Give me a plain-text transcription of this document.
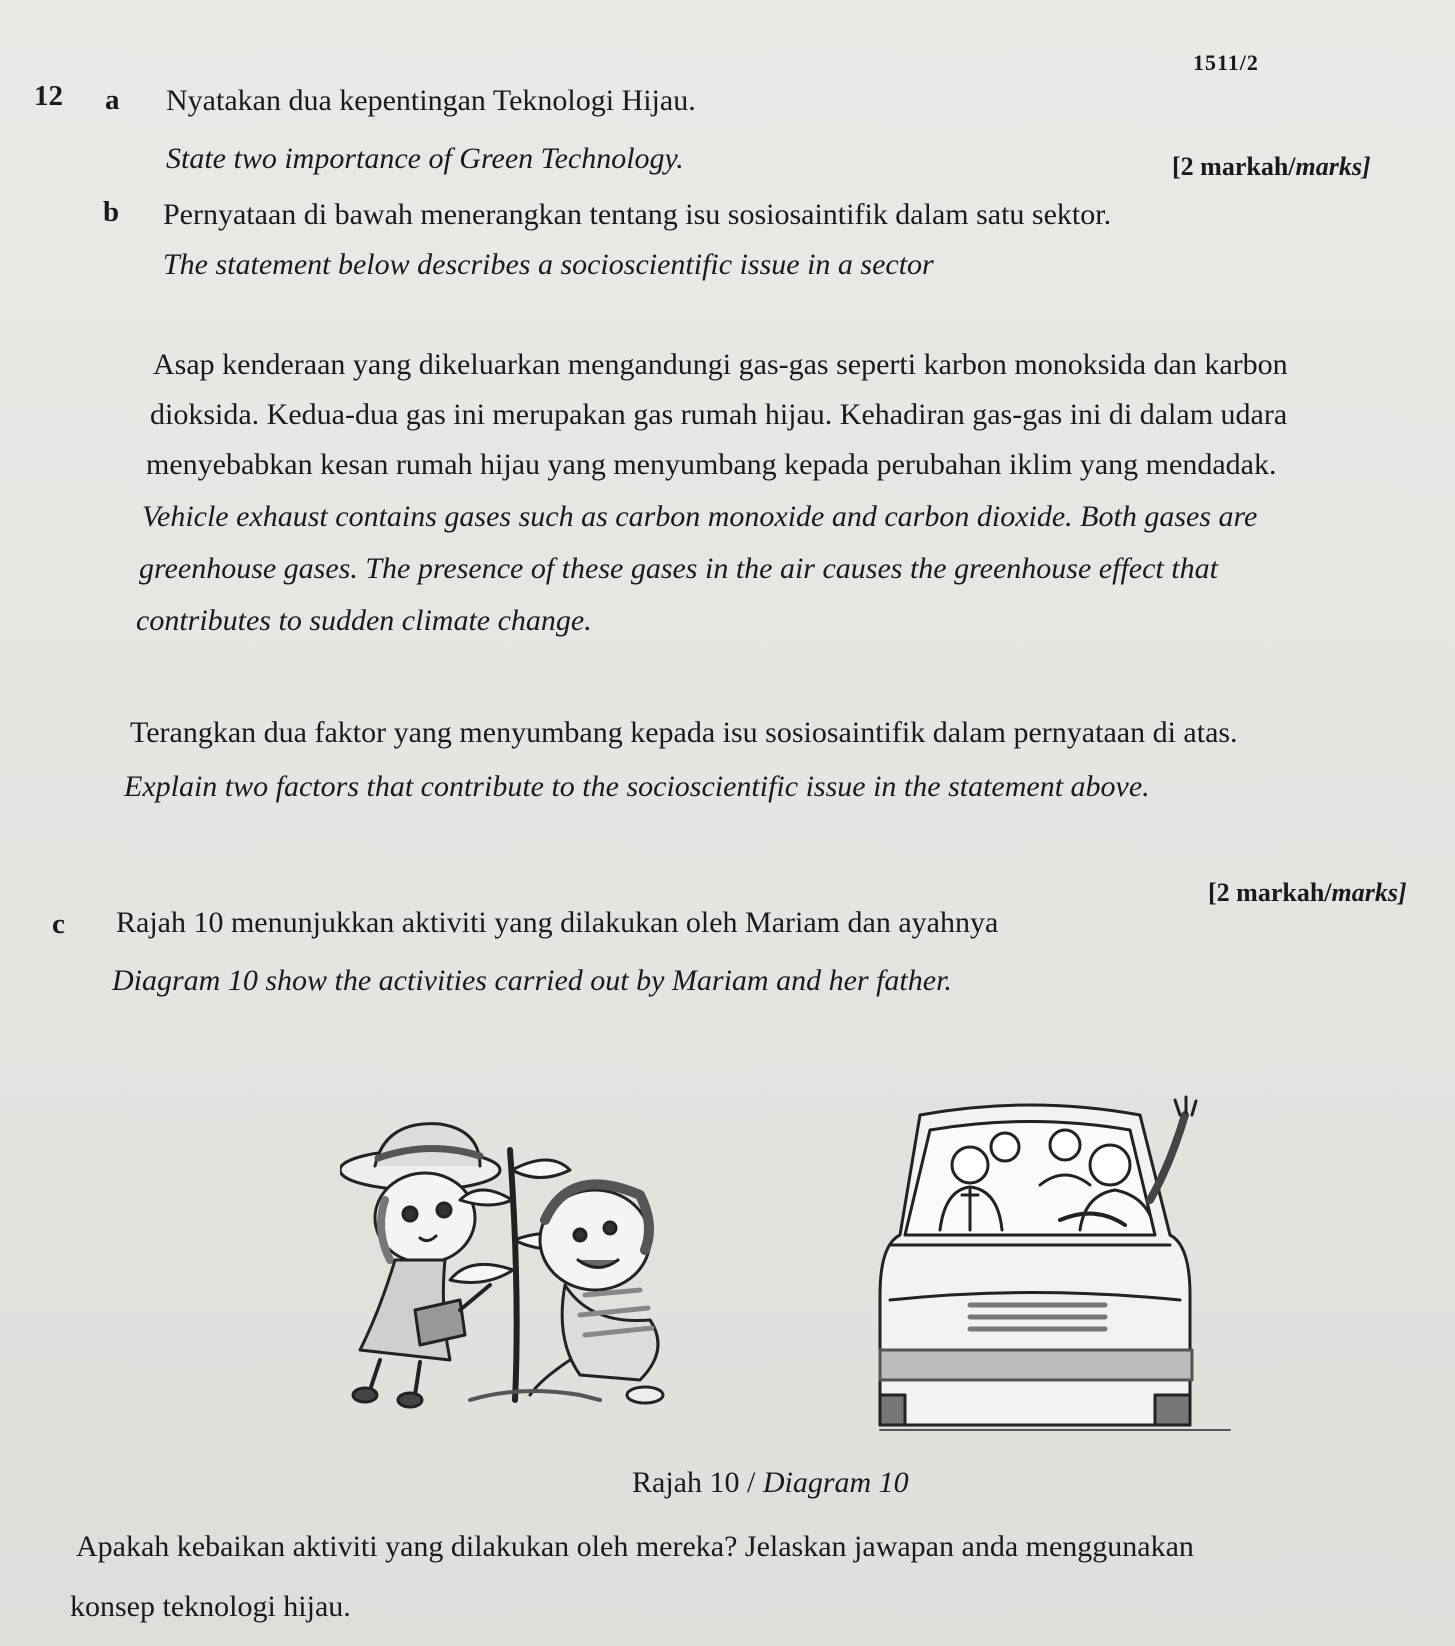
1511/2
12 a Nyatakan dua kepentingan Teknologi Hijau.
State two importance of Green Technology.	[2 markah/marks]
b Pernyataan di bawah menerangkan tentang isu sosiosaintifik dalam satu sektor.
The statement below describes a socioscientific issue in a sector
Asap kenderaan yang dikeluarkan mengandungi gas-gas seperti karbon monoksida dan karbon
dioksida. Kedua-dua gas ini merupakan gas rumah hijau. Kehadiran gas-gas ini di dalam udara
menyebabkan kesan rumah hijau yang menyumbang kepada perubahan iklim yang mendadak.
Vehicle exhaust contains gases such as carbon monoxide and carbon dioxide. Both gases are
greenhouse gases. The presence of these gases in the air causes the greenhouse effect that
contributes to sudden climate change.
Terangkan dua faktor yang menyumbang kepada isu sosiosaintifik dalam pernyataan di atas.
Explain two factors that contribute to the socioscientific issue in the statement above.
[2 markah/marks]
c Rajah 10 menunjukkan aktiviti yang dilakukan oleh Mariam dan ayahnya
Diagram 10 show the activities carried out by Mariam and her father.
Rajah 10 / Diagram 10
Apakah kebaikan aktiviti yang dilakukan oleh mereka? Jelaskan jawapan anda menggunakan
konsep teknologi hijau.
